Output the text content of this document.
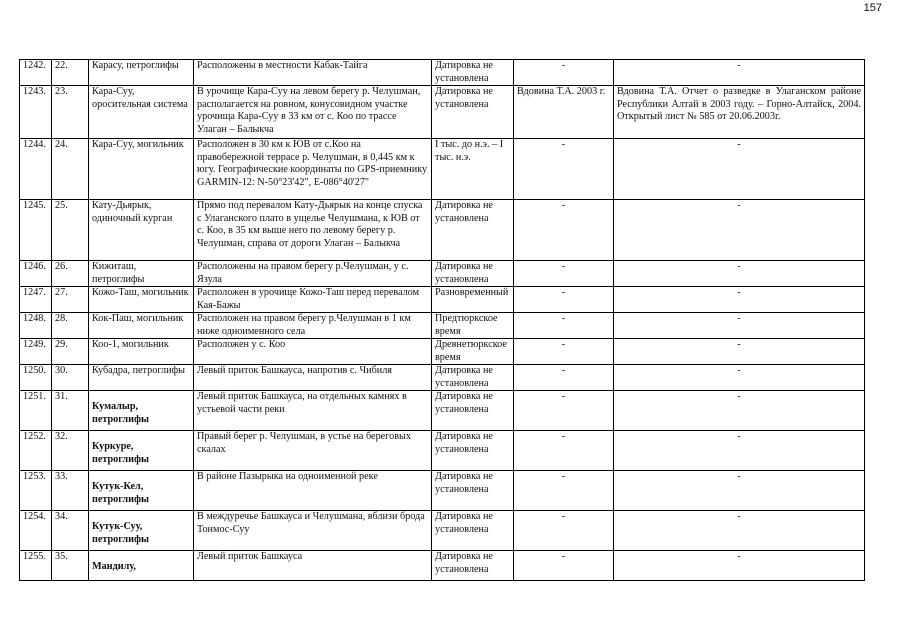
157
1242.	22.	Карасу, петроглифы	Расположены в местности Кабак-Тайга	Датировка не установлена	-	-
1243.	23.	Кара-Суу, оросительная система	В урочище Кара-Суу на левом берегу р. Челушман, располагается на ровном, конусовидном участке урочища Кара-Суу в 33 км от с. Коо по трассе Улаган – Балыкча	Датировка не установлена	Вдовина Т.А. 2003 г.	Вдовина Т.А. Отчет о разведке в Улаганском районе Республики Алтай в 2003 году. – Горно-Алтайск, 2004. Открытый лист № 585 от 20.06.2003г.
1244.	24.	Кара-Суу, могильник	Расположен в 30 км к ЮВ от с.Коо на правобережной террасе р. Челушман, в 0,445 км к югу. Географические координаты по GPS-приемнику GARMIN-12: N-50°23'42", E-086°40'27"	I тыс. до н.э. – I тыс. н.э.	-	-
1245.	25.	Кату-Дьярык, одиночный курган	Прямо под перевалом Кату-Дьярык на конце спуска с Улаганского плато в ущелье Челушмана, к ЮВ от с. Коо, в 35 км выше него по левому берегу р. Челушман, справа от дороги Улаган – Балыкча	Датировка не установлена	-	-
1246.	26.	Кижиташ, петроглифы	Расположены на правом берегу р.Челушман, у с. Язула	Датировка не установлена	-	-
1247.	27.	Кожо-Таш, могильник	Расположен в урочище Кожо-Таш перед перевалом Кая-Бажы	Разновременный	-	-
1248.	28.	Кок-Паш, могильник	Расположен на правом берегу р.Челушман в 1 км ниже одноименного села	Предтюркское время	-	-
1249.	29.	Коо-1, могильник	Расположен у с. Коо	Древнетюркское время	-	-
1250.	30.	Кубадра, петроглифы	Левый приток Башкауса, напротив с. Чибиля	Датировка не установлена	-	-
1251.	31.	Кумалыр, петроглифы	Левый приток Башкауса, на отдельных камнях в устьевой части реки	Датировка не установлена	-	-
1252.	32.	Куркуре, петроглифы	Правый берег р. Челушман, в устье на береговых скалах	Датировка не установлена	-	-
1253.	33.	Кутук-Кел, петроглифы	В районе Пазырыка на одноименной реке	Датировка не установлена	-	-
1254.	34.	Кутук-Суу, петроглифы	В междуречье Башкауса и Челушмана, вблизи брода Тонмос-Суу	Датировка не установлена	-	-
1255.	35.	Мандилу,	Левый приток Башкауса	Датировка не установлена	-	-
